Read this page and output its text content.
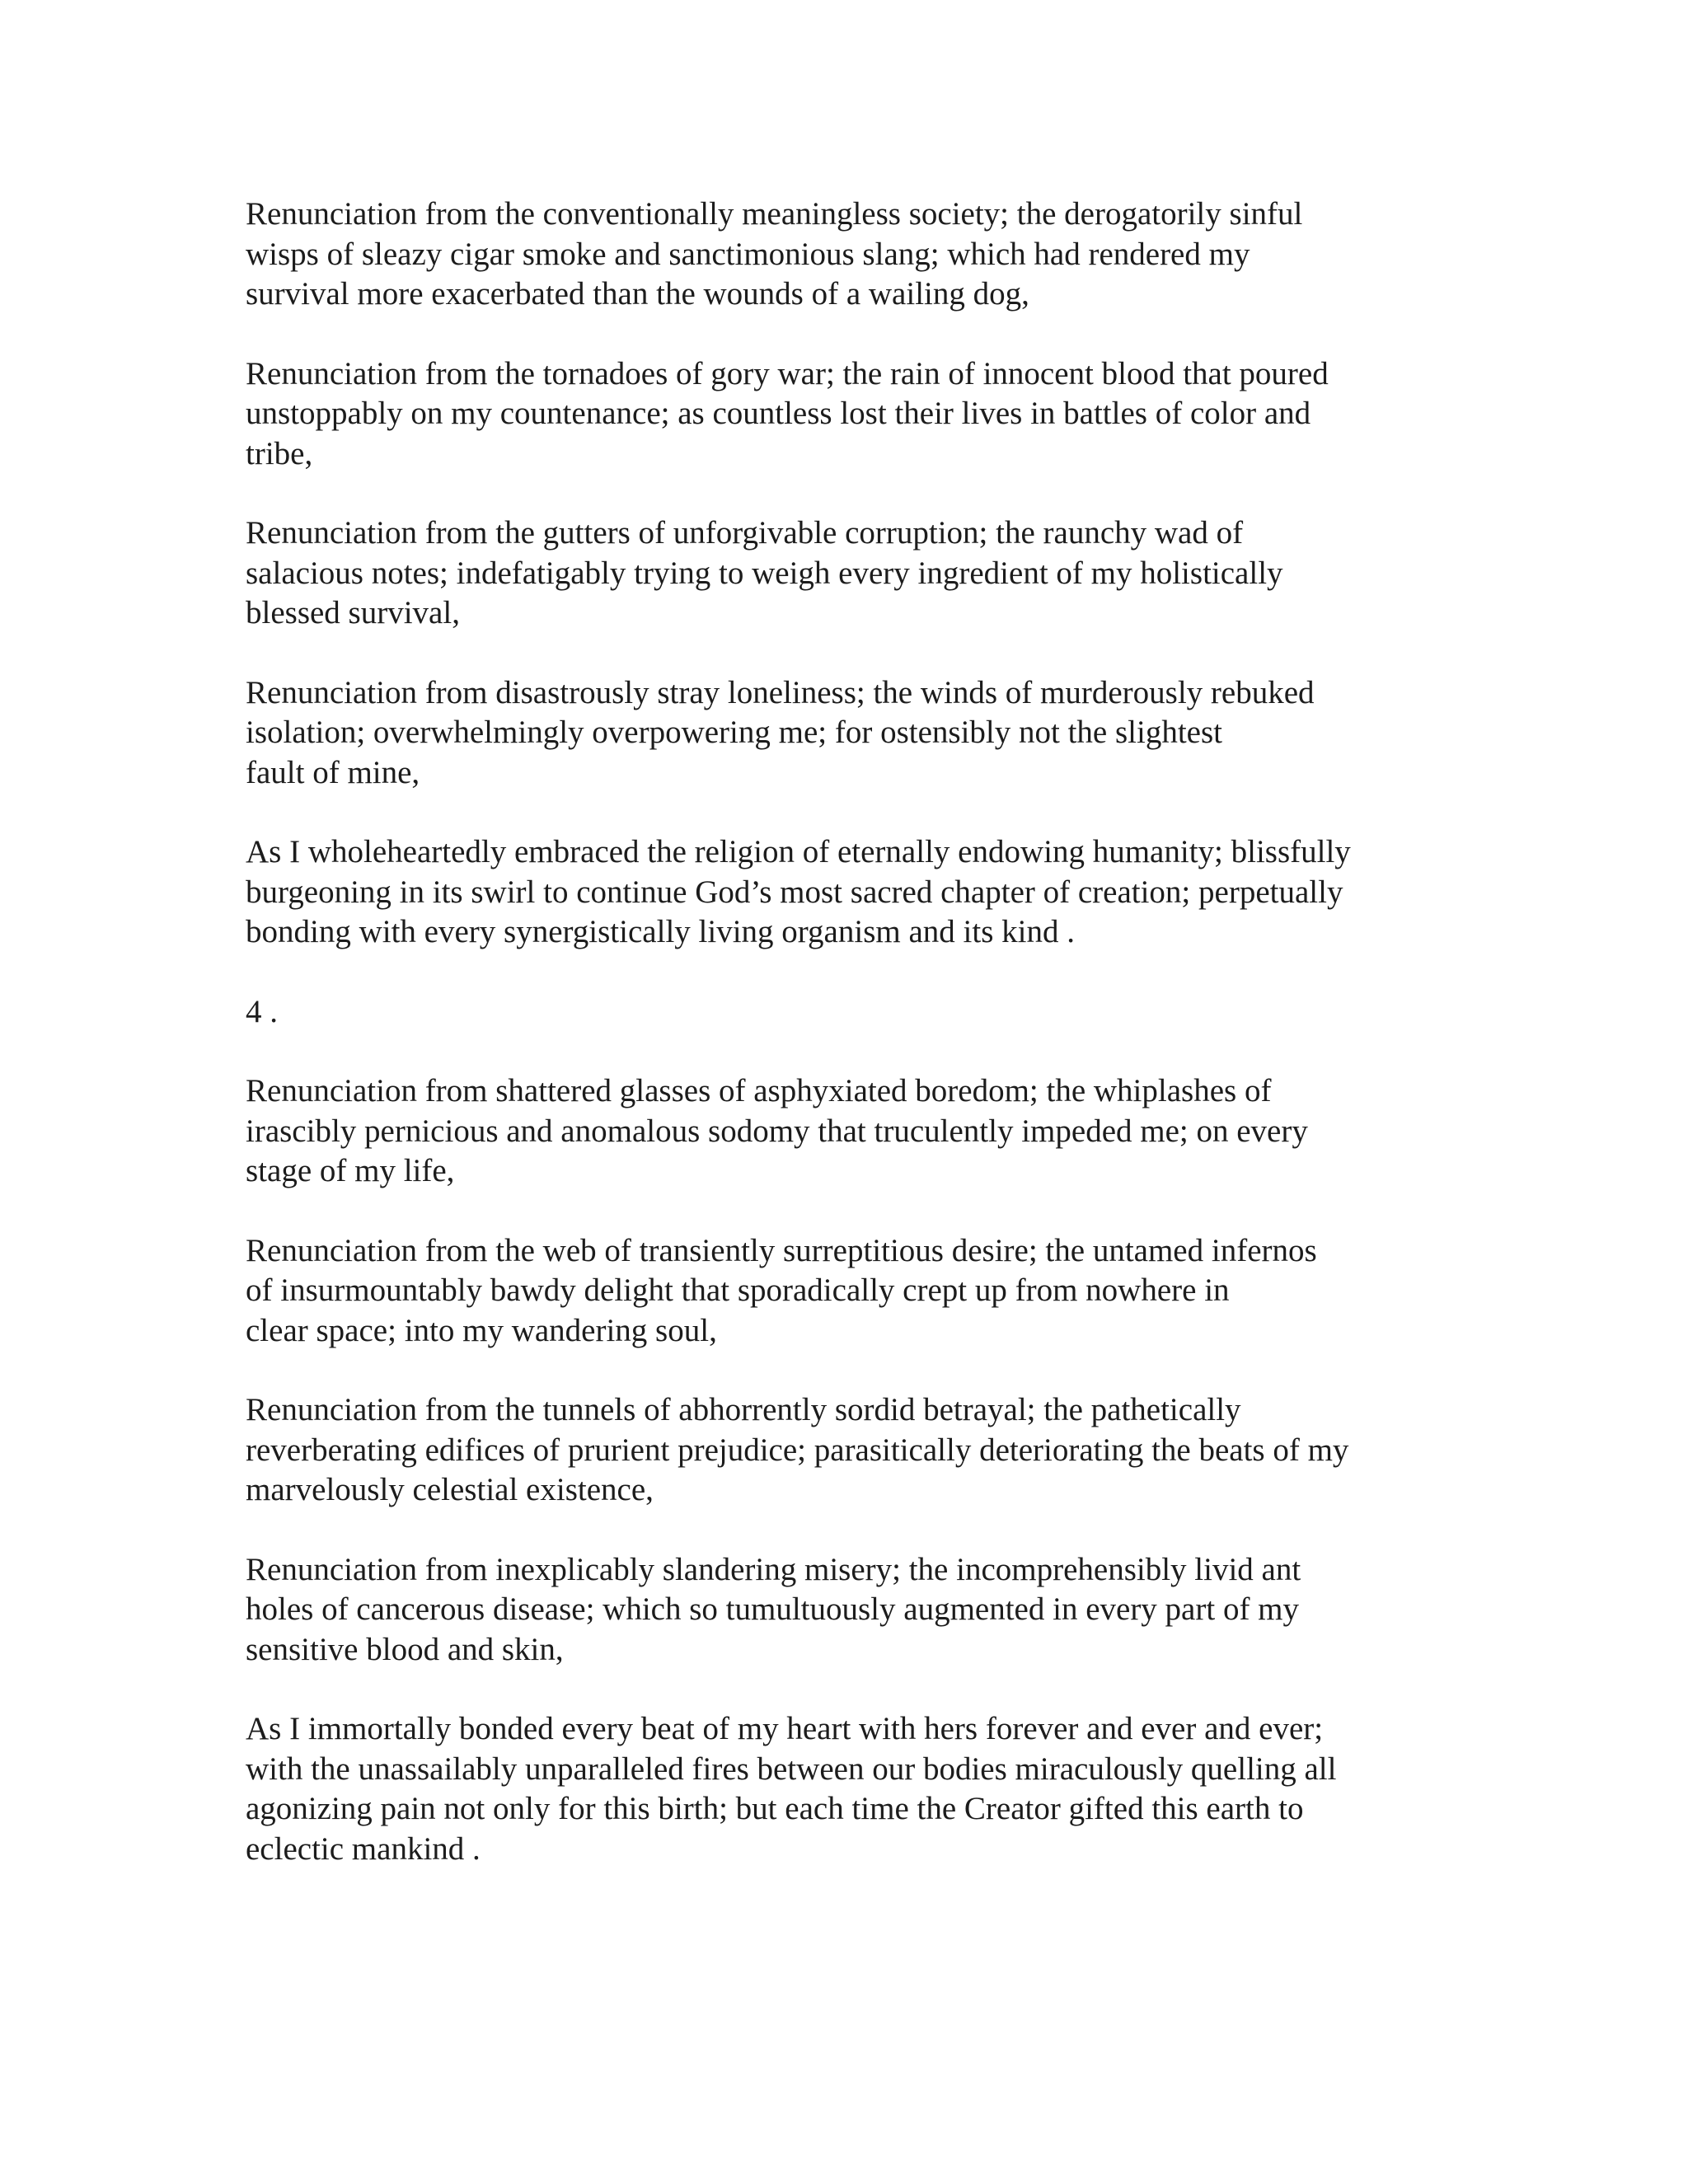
Renunciation from the conventionally meaningless society; the derogatorily sinful
wisps of sleazy cigar smoke and sanctimonious slang; which had rendered my
survival more exacerbated than the wounds of a wailing dog,
Renunciation from the tornadoes of gory war; the rain of innocent blood that poured
unstoppably on my countenance; as countless lost their lives in battles of color and
tribe,
Renunciation from the gutters of unforgivable corruption; the raunchy wad of
salacious notes; indefatigably trying to weigh every ingredient of my holistically
blessed survival,
Renunciation from disastrously stray loneliness; the winds of murderously rebuked
isolation; overwhelmingly overpowering me; for ostensibly not the slightest
fault of mine,
As I wholeheartedly embraced the religion of eternally endowing humanity; blissfully
burgeoning in its swirl to continue God’s most sacred chapter of creation; perpetually
bonding with every synergistically living organism and its kind .
4 .
Renunciation from shattered glasses of asphyxiated boredom; the whiplashes of
irascibly pernicious and anomalous sodomy that truculently impeded me; on every
stage of my life,
Renunciation from the web of transiently surreptitious desire; the untamed infernos
of insurmountably bawdy delight that sporadically crept up from nowhere in
clear space; into my wandering soul,
Renunciation from the tunnels of abhorrently sordid betrayal; the pathetically
reverberating edifices of prurient prejudice; parasitically deteriorating the beats of my
marvelously celestial existence,
Renunciation from inexplicably slandering misery; the incomprehensibly livid ant
holes of cancerous disease; which so tumultuously augmented in every part of my
sensitive blood and skin,
As I immortally bonded every beat of my heart with hers forever and ever and ever;
with the unassailably unparalleled fires between our bodies miraculously quelling all
agonizing pain not only for this birth; but each time the Creator gifted this earth to
eclectic mankind .
